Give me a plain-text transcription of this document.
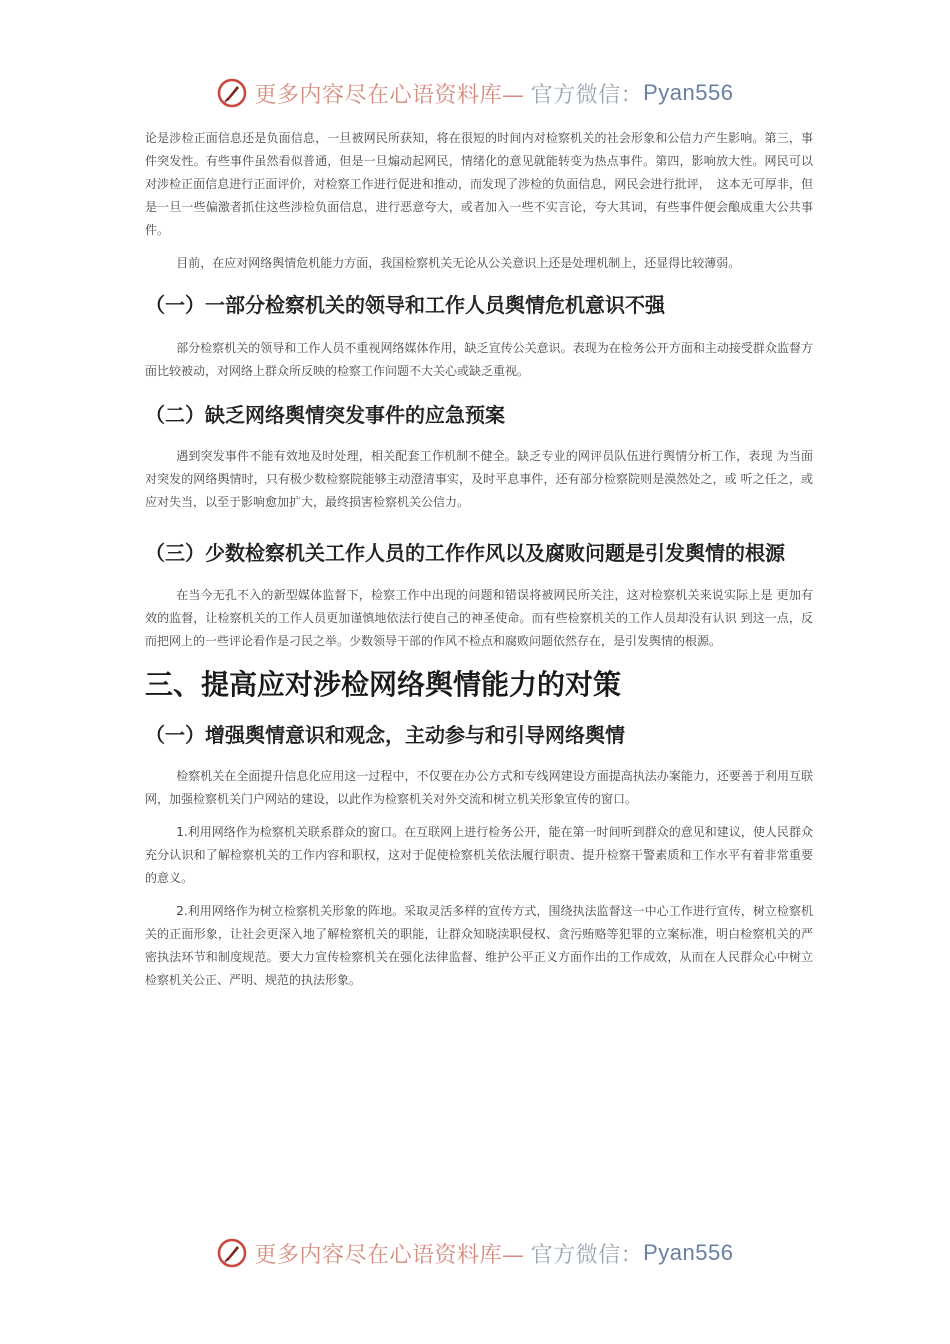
更多内容尽在心语资料库— 官方微信： Pyan556

论是涉检正面信息还是负面信息，一旦被网民所获知，将在很短的时间内对检察机关的社会形象和公信力产生影响。第三，事件突发性。有些事件虽然看似普通，但是一旦煽动起网民，情绪化的意见就能转变为热点事件。第四，影响放大性。网民可以对涉检正面信息进行正面评价，对检察工作进行促进和推动，而发现了涉检的负面信息，网民会进行批评，　这本无可厚非，但是一旦一些偏激者抓住这些涉检负面信息，进行恶意夸大，或者加入一些不实言论，夸大其词，有些事件便会酿成重大公共事件。

目前，在应对网络舆情危机能力方面，我国检察机关无论从公关意识上还是处理机制上，还显得比较薄弱。

（一）一部分检察机关的领导和工作人员舆情危机意识不强

部分检察机关的领导和工作人员不重视网络媒体作用，缺乏宣传公关意识。表现为在检务公开方面和主动接受群众监督方面比较被动，对网络上群众所反映的检察工作问题不大关心或缺乏重视。

（二）缺乏网络舆情突发事件的应急预案

遇到突发事件不能有效地及时处理，相关配套工作机制不健全。缺乏专业的网评员队伍进行舆情分析工作，表现 为当面对突发的网络舆情时，只有极少数检察院能够主动澄清事实，及时平息事件，还有部分检察院则是漠然处之，或 听之任之，或应对失当，以至于影响愈加扩大，最终损害检察机关公信力。

（三）少数检察机关工作人员的工作作风以及腐败问题是引发舆情的根源

在当今无孔不入的新型媒体监督下，检察工作中出现的问题和错误将被网民所关注，这对检察机关来说实际上是 更加有效的监督，让检察机关的工作人员更加谨慎地依法行使自己的神圣使命。而有些检察机关的工作人员却没有认识 到这一点，反而把网上的一些评论看作是刁民之举。少数领导干部的作风不检点和腐败问题依然存在，是引发舆情的根源。

三、提高应对涉检网络舆情能力的对策
（一）增强舆情意识和观念，主动参与和引导网络舆情

检察机关在全面提升信息化应用这一过程中，不仅要在办公方式和专线网建设方面提高执法办案能力，还要善于利用互联网，加强检察机关门户网站的建设，以此作为检察机关对外交流和树立机关形象宣传的窗口。

1.利用网络作为检察机关联系群众的窗口。在互联网上进行检务公开，能在第一时间听到群众的意见和建议，使人民群众充分认识和了解检察机关的工作内容和职权，这对于促使检察机关依法履行职责、提升检察干警素质和工作水平有着非常重要的意义。

2.利用网络作为树立检察机关形象的阵地。采取灵活多样的宣传方式，围绕执法监督这一中心工作进行宣传，树立检察机关的正面形象，让社会更深入地了解检察机关的职能，让群众知晓渎职侵权、贪污贿赂等犯罪的立案标准，明白检察机关的严密执法环节和制度规范。要大力宣传检察机关在强化法律监督、维护公平正义方面作出的工作成效，从而在人民群众心中树立检察机关公正、严明、规范的执法形象。

更多内容尽在心语资料库— 官方微信： Pyan556
